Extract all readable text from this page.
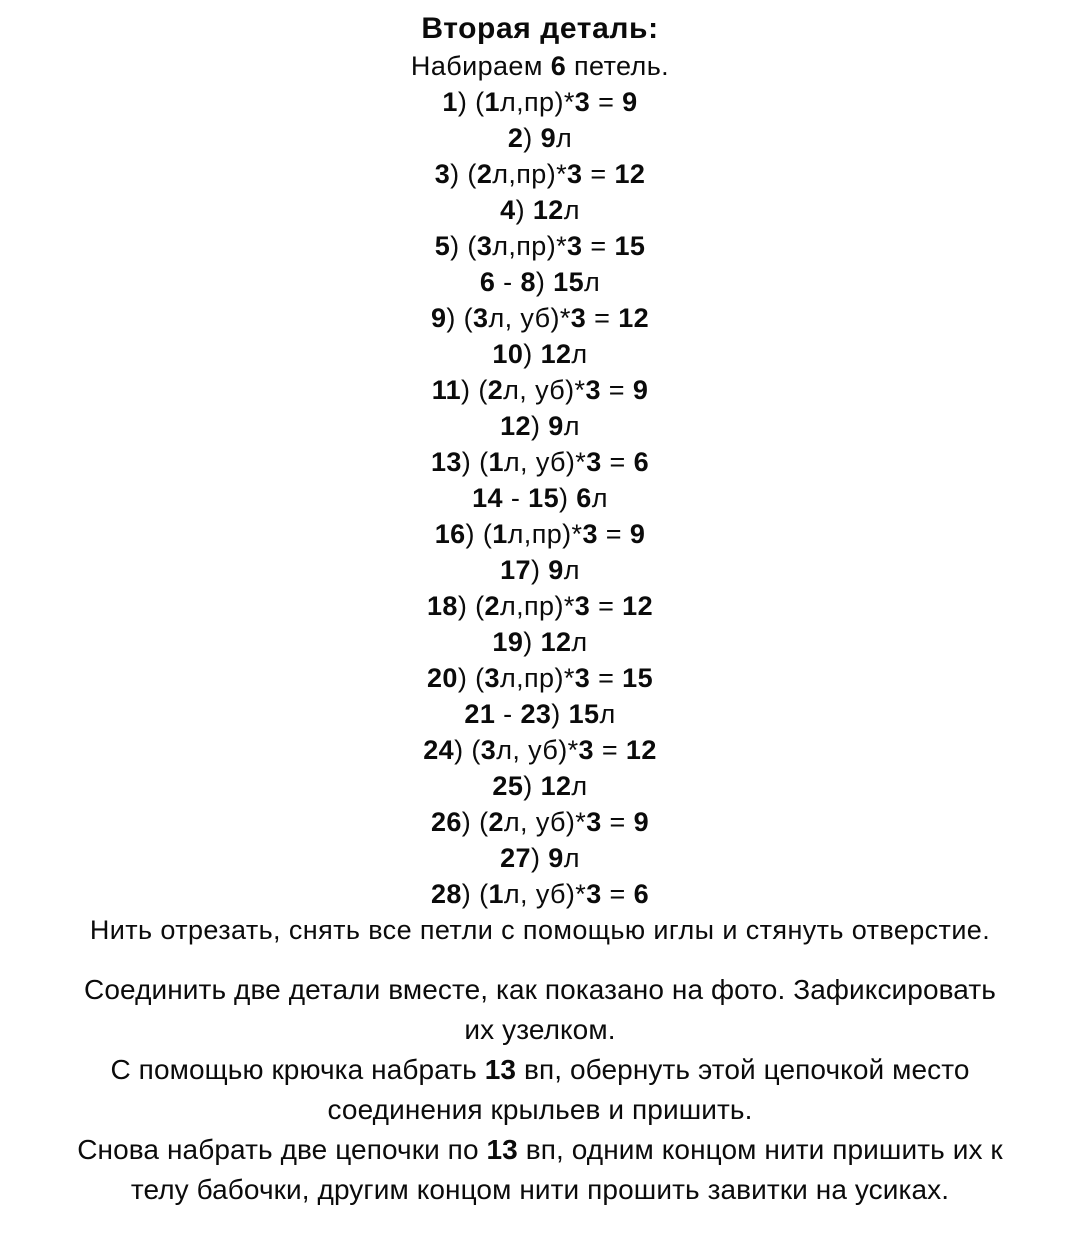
Вторая деталь:
Набираем 6 петель.
1) (1л,пр)*3 = 9
2) 9л
3) (2л,пр)*3 = 12
4) 12л
5) (3л,пр)*3 = 15
6 - 8) 15л
9) (3л, уб)*3 = 12
10) 12л
11) (2л, уб)*3 = 9
12) 9л
13) (1л, уб)*3 = 6
14 - 15) 6л
16) (1л,пр)*3 = 9
17) 9л
18) (2л,пр)*3 = 12
19) 12л
20) (3л,пр)*3 = 15
21 - 23) 15л
24) (3л, уб)*3 = 12
25) 12л
26) (2л, уб)*3 = 9
27) 9л
28) (1л, уб)*3 = 6
Нить отрезать, снять все петли с помощью иглы и стянуть отверстие.
Соединить две детали вместе, как показано на фото. Зафиксировать
их узелком.
С помощью крючка набрать 13 вп, обернуть этой цепочкой место
соединения крыльев и пришить.
Снова набрать две цепочки по 13 вп, одним концом нити пришить их к
телу бабочки, другим концом нити прошить завитки на усиках.
